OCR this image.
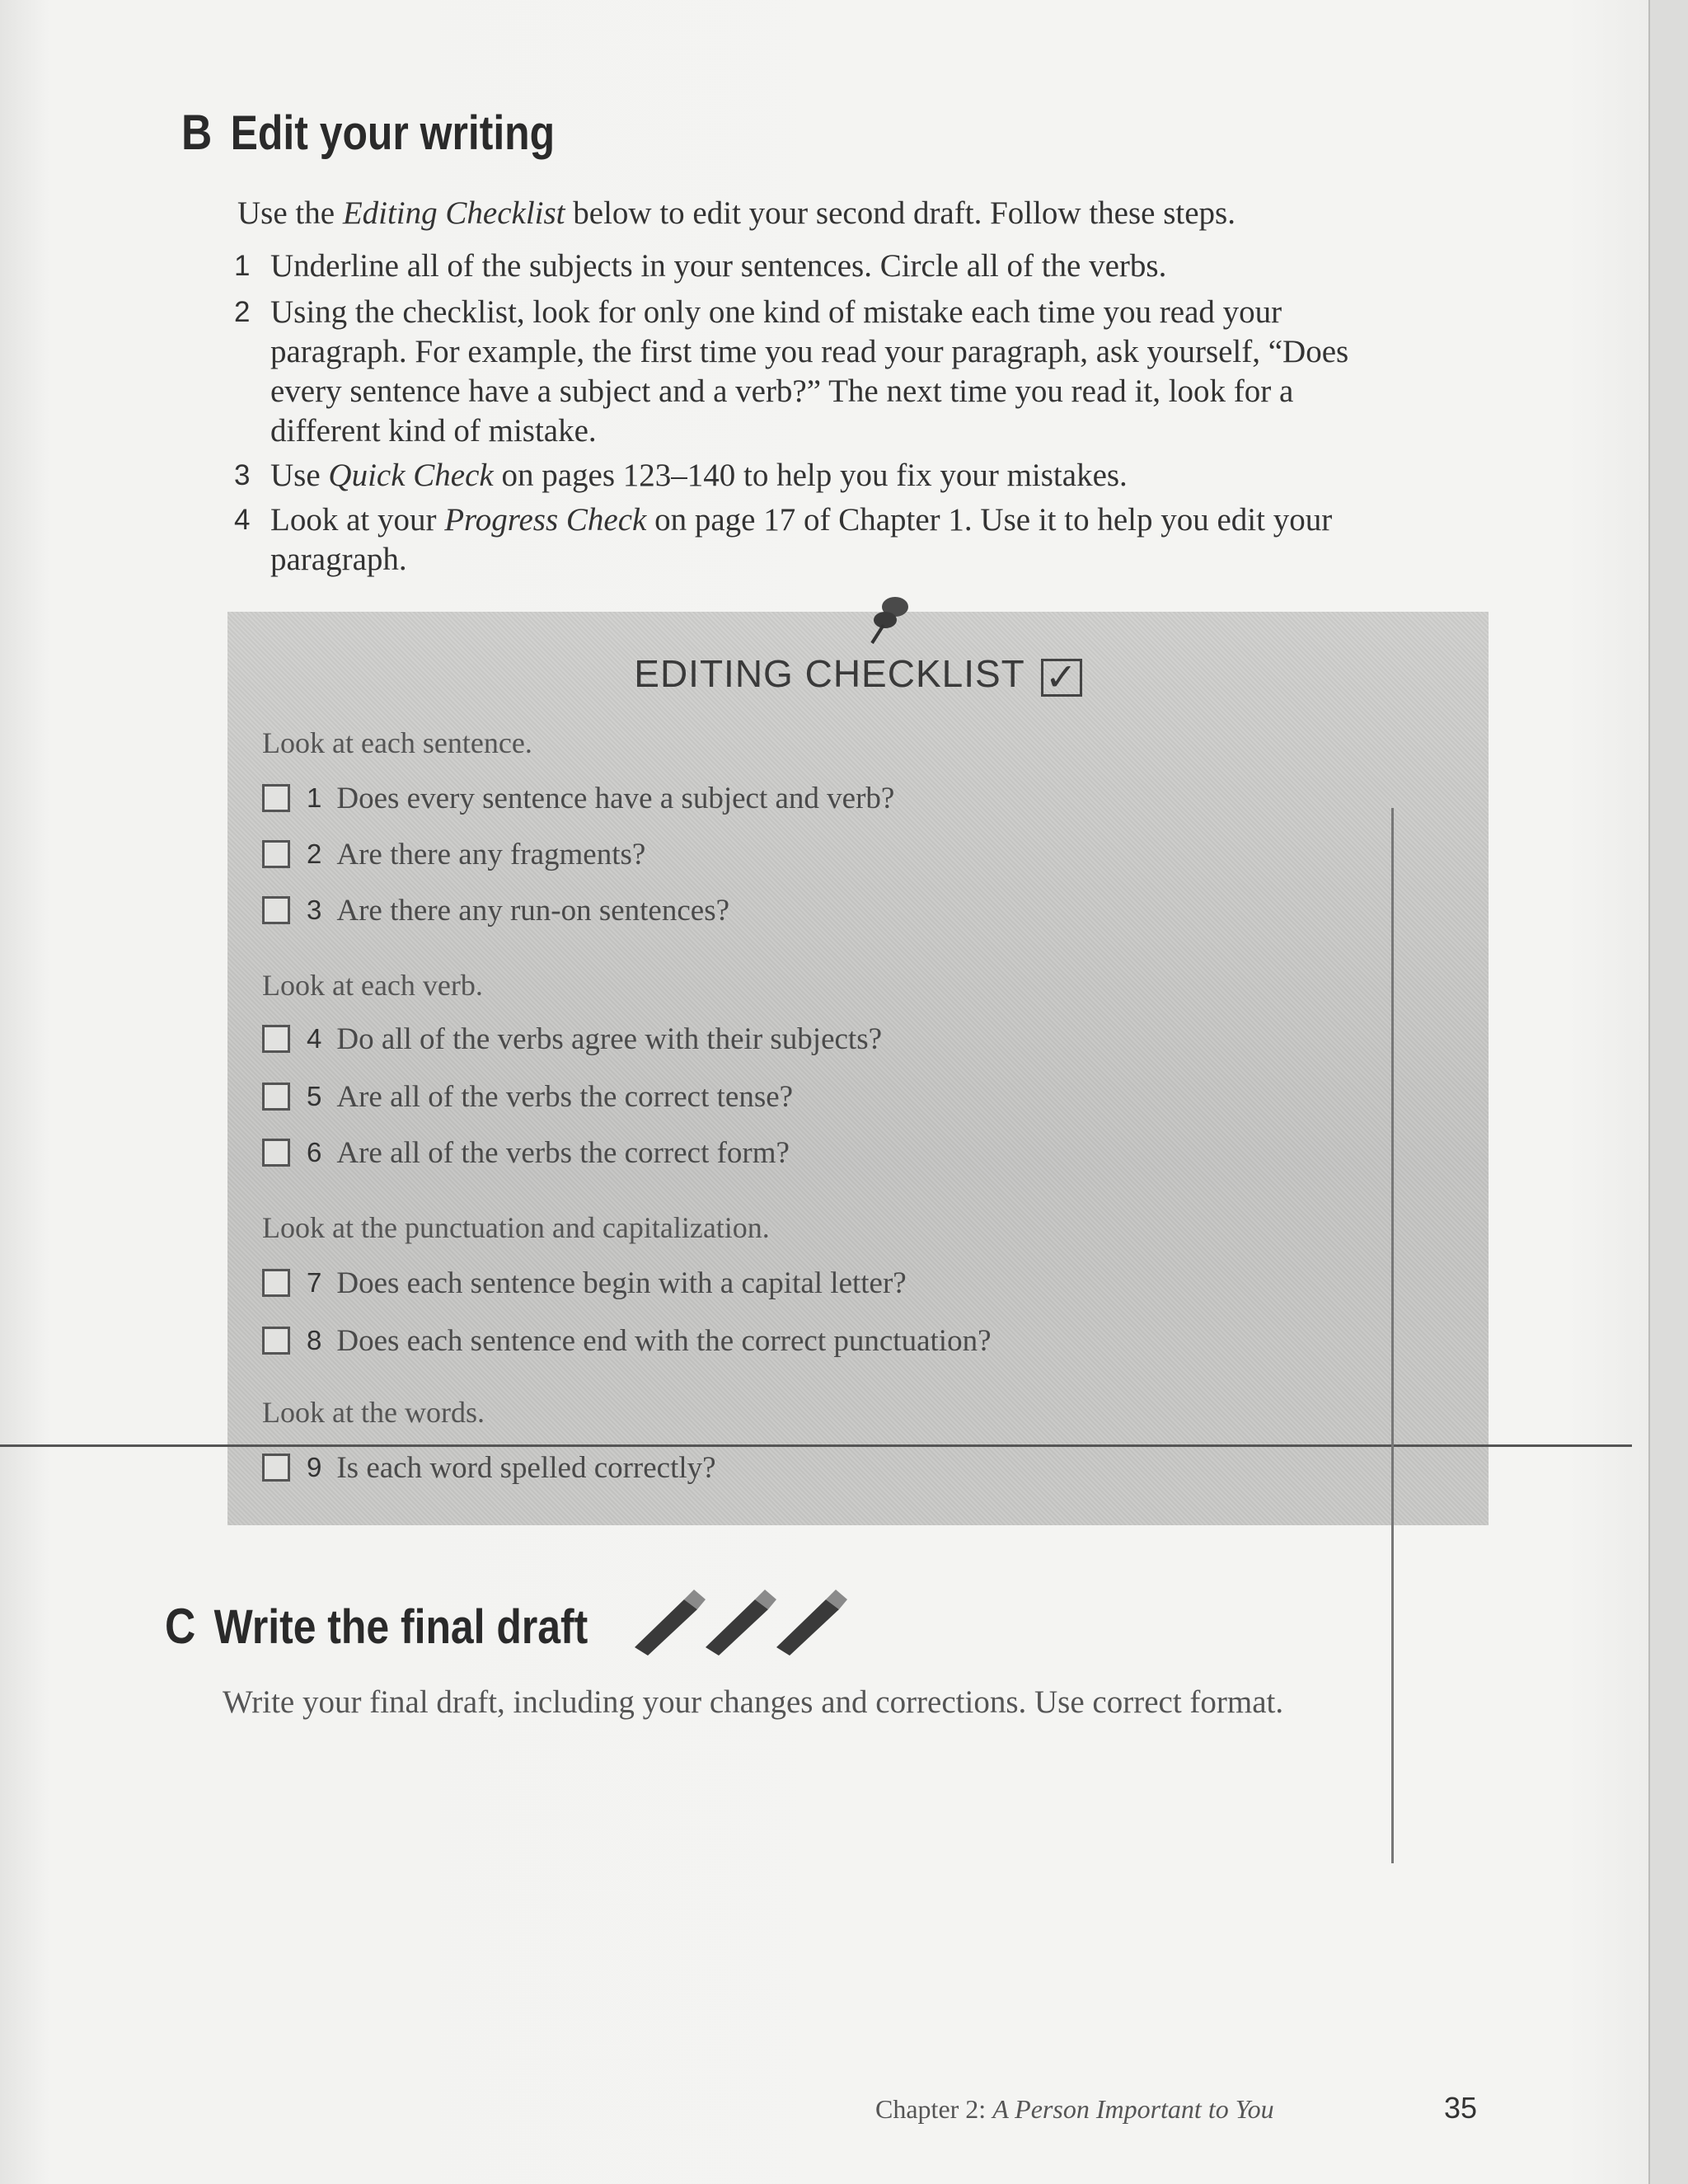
B Edit your writing
Use the Editing Checklist below to edit your second draft. Follow these steps.
1 Underline all of the subjects in your sentences. Circle all of the verbs.
2 Using the checklist, look for only one kind of mistake each time you read your
paragraph. For example, the first time you read your paragraph, ask yourself, “Does
every sentence have a subject and a verb?” The next time you read it, look for a
different kind of mistake.
3 Use Quick Check on pages 123–140 to help you fix your mistakes.
4 Look at your Progress Check on page 17 of Chapter 1. Use it to help you edit your
paragraph.
EDITING CHECKLIST ✓
Look at each sentence.
1 Does every sentence have a subject and verb?
2 Are there any fragments?
3 Are there any run-on sentences?
Look at each verb.
4 Do all of the verbs agree with their subjects?
5 Are all of the verbs the correct tense?
6 Are all of the verbs the correct form?
Look at the punctuation and capitalization.
7 Does each sentence begin with a capital letter?
8 Does each sentence end with the correct punctuation?
Look at the words.
9 Is each word spelled correctly?
C Write the final draft
Write your final draft, including your changes and corrections. Use correct format.
Chapter 2: A Person Important to You	35
